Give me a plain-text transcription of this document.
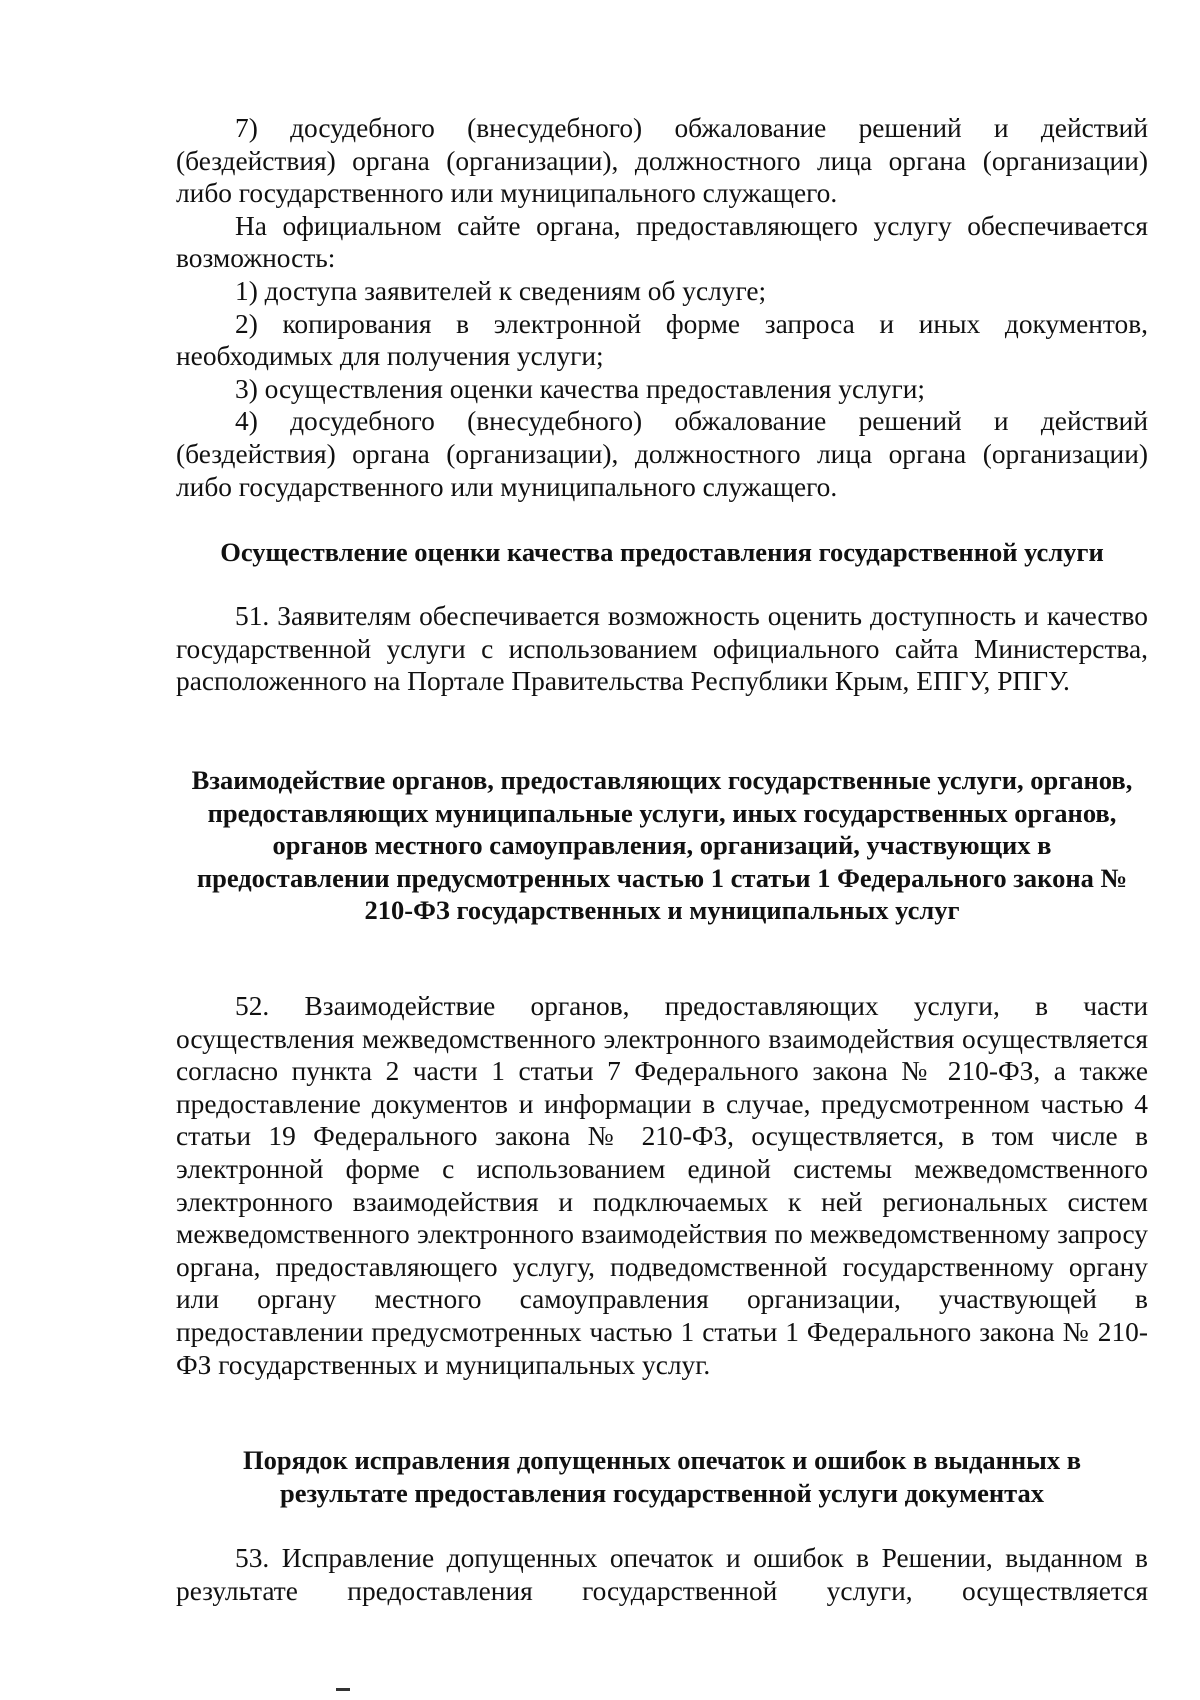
7) досудебного (внесудебного) обжалование решений и действий (бездействия) органа (организации), должностного лица органа (организации) либо государственного или муниципального служащего.

На официальном сайте органа, предоставляющего услугу обеспечивается возможность:

1) доступа заявителей к сведениям об услуге;

2) копирования в электронной форме запроса и иных документов, необходимых для получения услуги;

3) осуществления оценки качества предоставления услуги;

4) досудебного (внесудебного) обжалование решений и действий (бездействия) органа (организации), должностного лица органа (организации) либо государственного или муниципального служащего.

Осуществление оценки качества предоставления государственной услуги

51. Заявителям обеспечивается возможность оценить доступность и качество государственной услуги с использованием официального сайта Министерства, расположенного на Портале Правительства Республики Крым, ЕПГУ, РПГУ.

Взаимодействие органов, предоставляющих государственные услуги, органов, предоставляющих муниципальные услуги, иных государственных органов, органов местного самоуправления, организаций, участвующих в предоставлении предусмотренных частью 1 статьи 1 Федерального закона № 210-ФЗ государственных и муниципальных услуг

52. Взаимодействие органов, предоставляющих услуги, в части осуществления межведомственного электронного взаимодействия осуществляется согласно пункта 2 части 1 статьи 7 Федерального закона № 210-ФЗ, а также предоставление документов и информации в случае, предусмотренном частью 4 статьи 19 Федерального закона № 210-ФЗ, осуществляется, в том числе в электронной форме с использованием единой системы межведомственного электронного взаимодействия и подключаемых к ней региональных систем межведомственного электронного взаимодействия по межведомственному запросу органа, предоставляющего услугу, подведомственной государственному органу или органу местного самоуправления организации, участвующей в предоставлении предусмотренных частью 1 статьи 1 Федерального закона № 210-ФЗ государственных и муниципальных услуг.

Порядок исправления допущенных опечаток и ошибок в выданных в результате предоставления государственной услуги документах

53. Исправление допущенных опечаток и ошибок в Решении, выданном в результате предоставления государственной услуги, осуществляется
